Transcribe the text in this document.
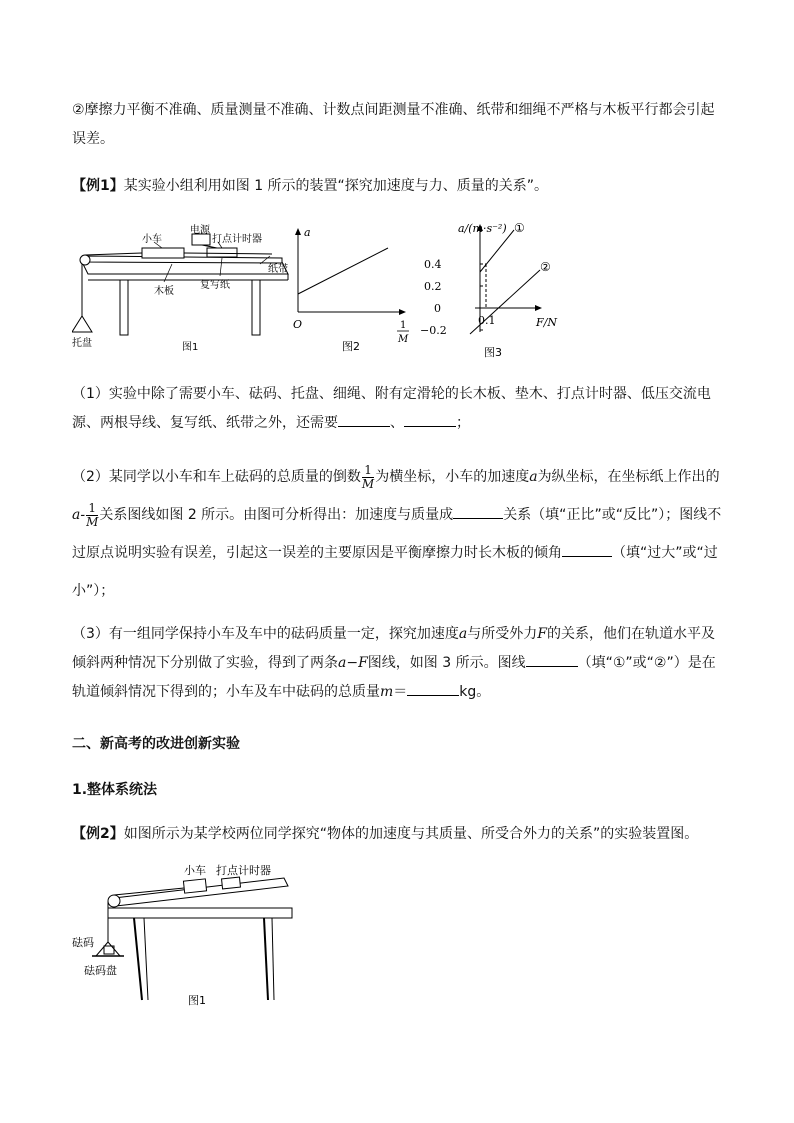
②摩擦力平衡不准确、质量测量不准确、计数点间距测量不准确、纸带和细绳不严格与木板平行都会引起误差。

【例1】某实验小组利用如图 1 所示的装置“探究加速度与力、质量的关系”。

电源
小车	打点计时器
纸带
木板
复写纸
托盘	图1
a
O	1
M
图2
a/(m·s⁻²)
0.4
0.2
0
−0.2
0.1	F/N
①
②
图3

（1）实验中除了需要小车、砝码、托盘、细绳、附有定滑轮的长木板、垫木、打点计时器、低压交流电源、两根导线、复写纸、纸带之外，还需要	、	；

（2）某同学以小车和车上砝码的总质量的倒数 $\frac{1}{M}$ 为横坐标，小车的加速度a为纵坐标，在坐标纸上作出的$a- \frac{1}{M}$ 关系图线如图 2 所示。由图可分析得出：加速度与质量成	关系（填“正比”或“反比”）；图线不过原点说明实验有误差，引起这一误差的主要原因是平衡摩擦力时长木板的倾角	（填“过大”或“过小”）；

（3）有一组同学保持小车及车中的砝码质量一定，探究加速度a与所受外力F的关系，他们在轨道水平及倾斜两种情况下分别做了实验，得到了两条a−F图线，如图 3 所示。图线	（填“①”或“②”）是在轨道倾斜情况下得到的；小车及车中砝码的总质量m＝	kg。

二、新高考的改进创新实验

1.整体系统法

【例2】如图所示为某学校两位同学探究“物体的加速度与其质量、所受合外力的关系”的实验装置图。

小车 打点计时器
砝码
砝码盘
图1
